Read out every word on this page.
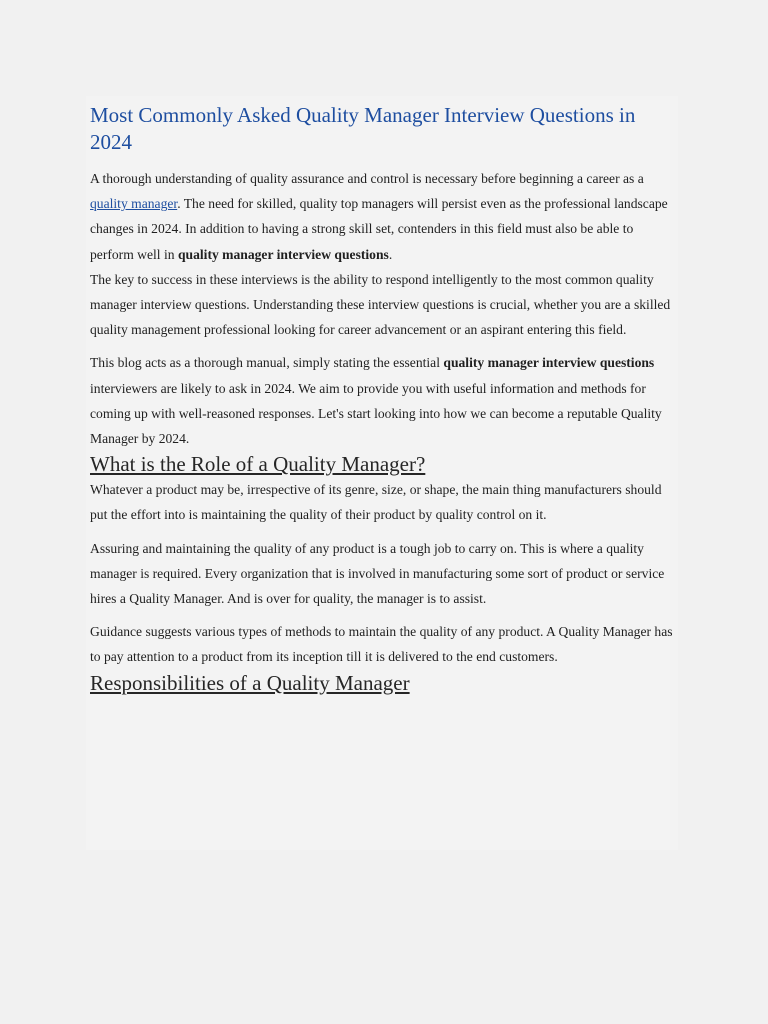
Most Commonly Asked Quality Manager Interview Questions in 2024

A thorough understanding of quality assurance and control is necessary before beginning a career as a quality manager. The need for skilled, quality top managers will persist even as the professional landscape changes in 2024. In addition to having a strong skill set, contenders in this field must also be able to perform well in quality manager interview questions.

The key to success in these interviews is the ability to respond intelligently to the most common quality manager interview questions. Understanding these interview questions is crucial, whether you are a skilled quality management professional looking for career advancement or an aspirant entering this field.

This blog acts as a thorough manual, simply stating the essential quality manager interview questions interviewers are likely to ask in 2024. We aim to provide you with useful information and methods for coming up with well-reasoned responses. Let's start looking into how we can become a reputable Quality Manager by 2024.

What is the Role of a Quality Manager?

Whatever a product may be, irrespective of its genre, size, or shape, the main thing manufacturers should put the effort into is maintaining the quality of their product by quality control on it.

Assuring and maintaining the quality of any product is a tough job to carry on. This is where a quality manager is required. Every organization that is involved in manufacturing some sort of product or service hires a Quality Manager. And is over for quality, the manager is to assist.

Guidance suggests various types of methods to maintain the quality of any product. A Quality Manager has to pay attention to a product from its inception till it is delivered to the end customers.

Responsibilities of a Quality Manager
